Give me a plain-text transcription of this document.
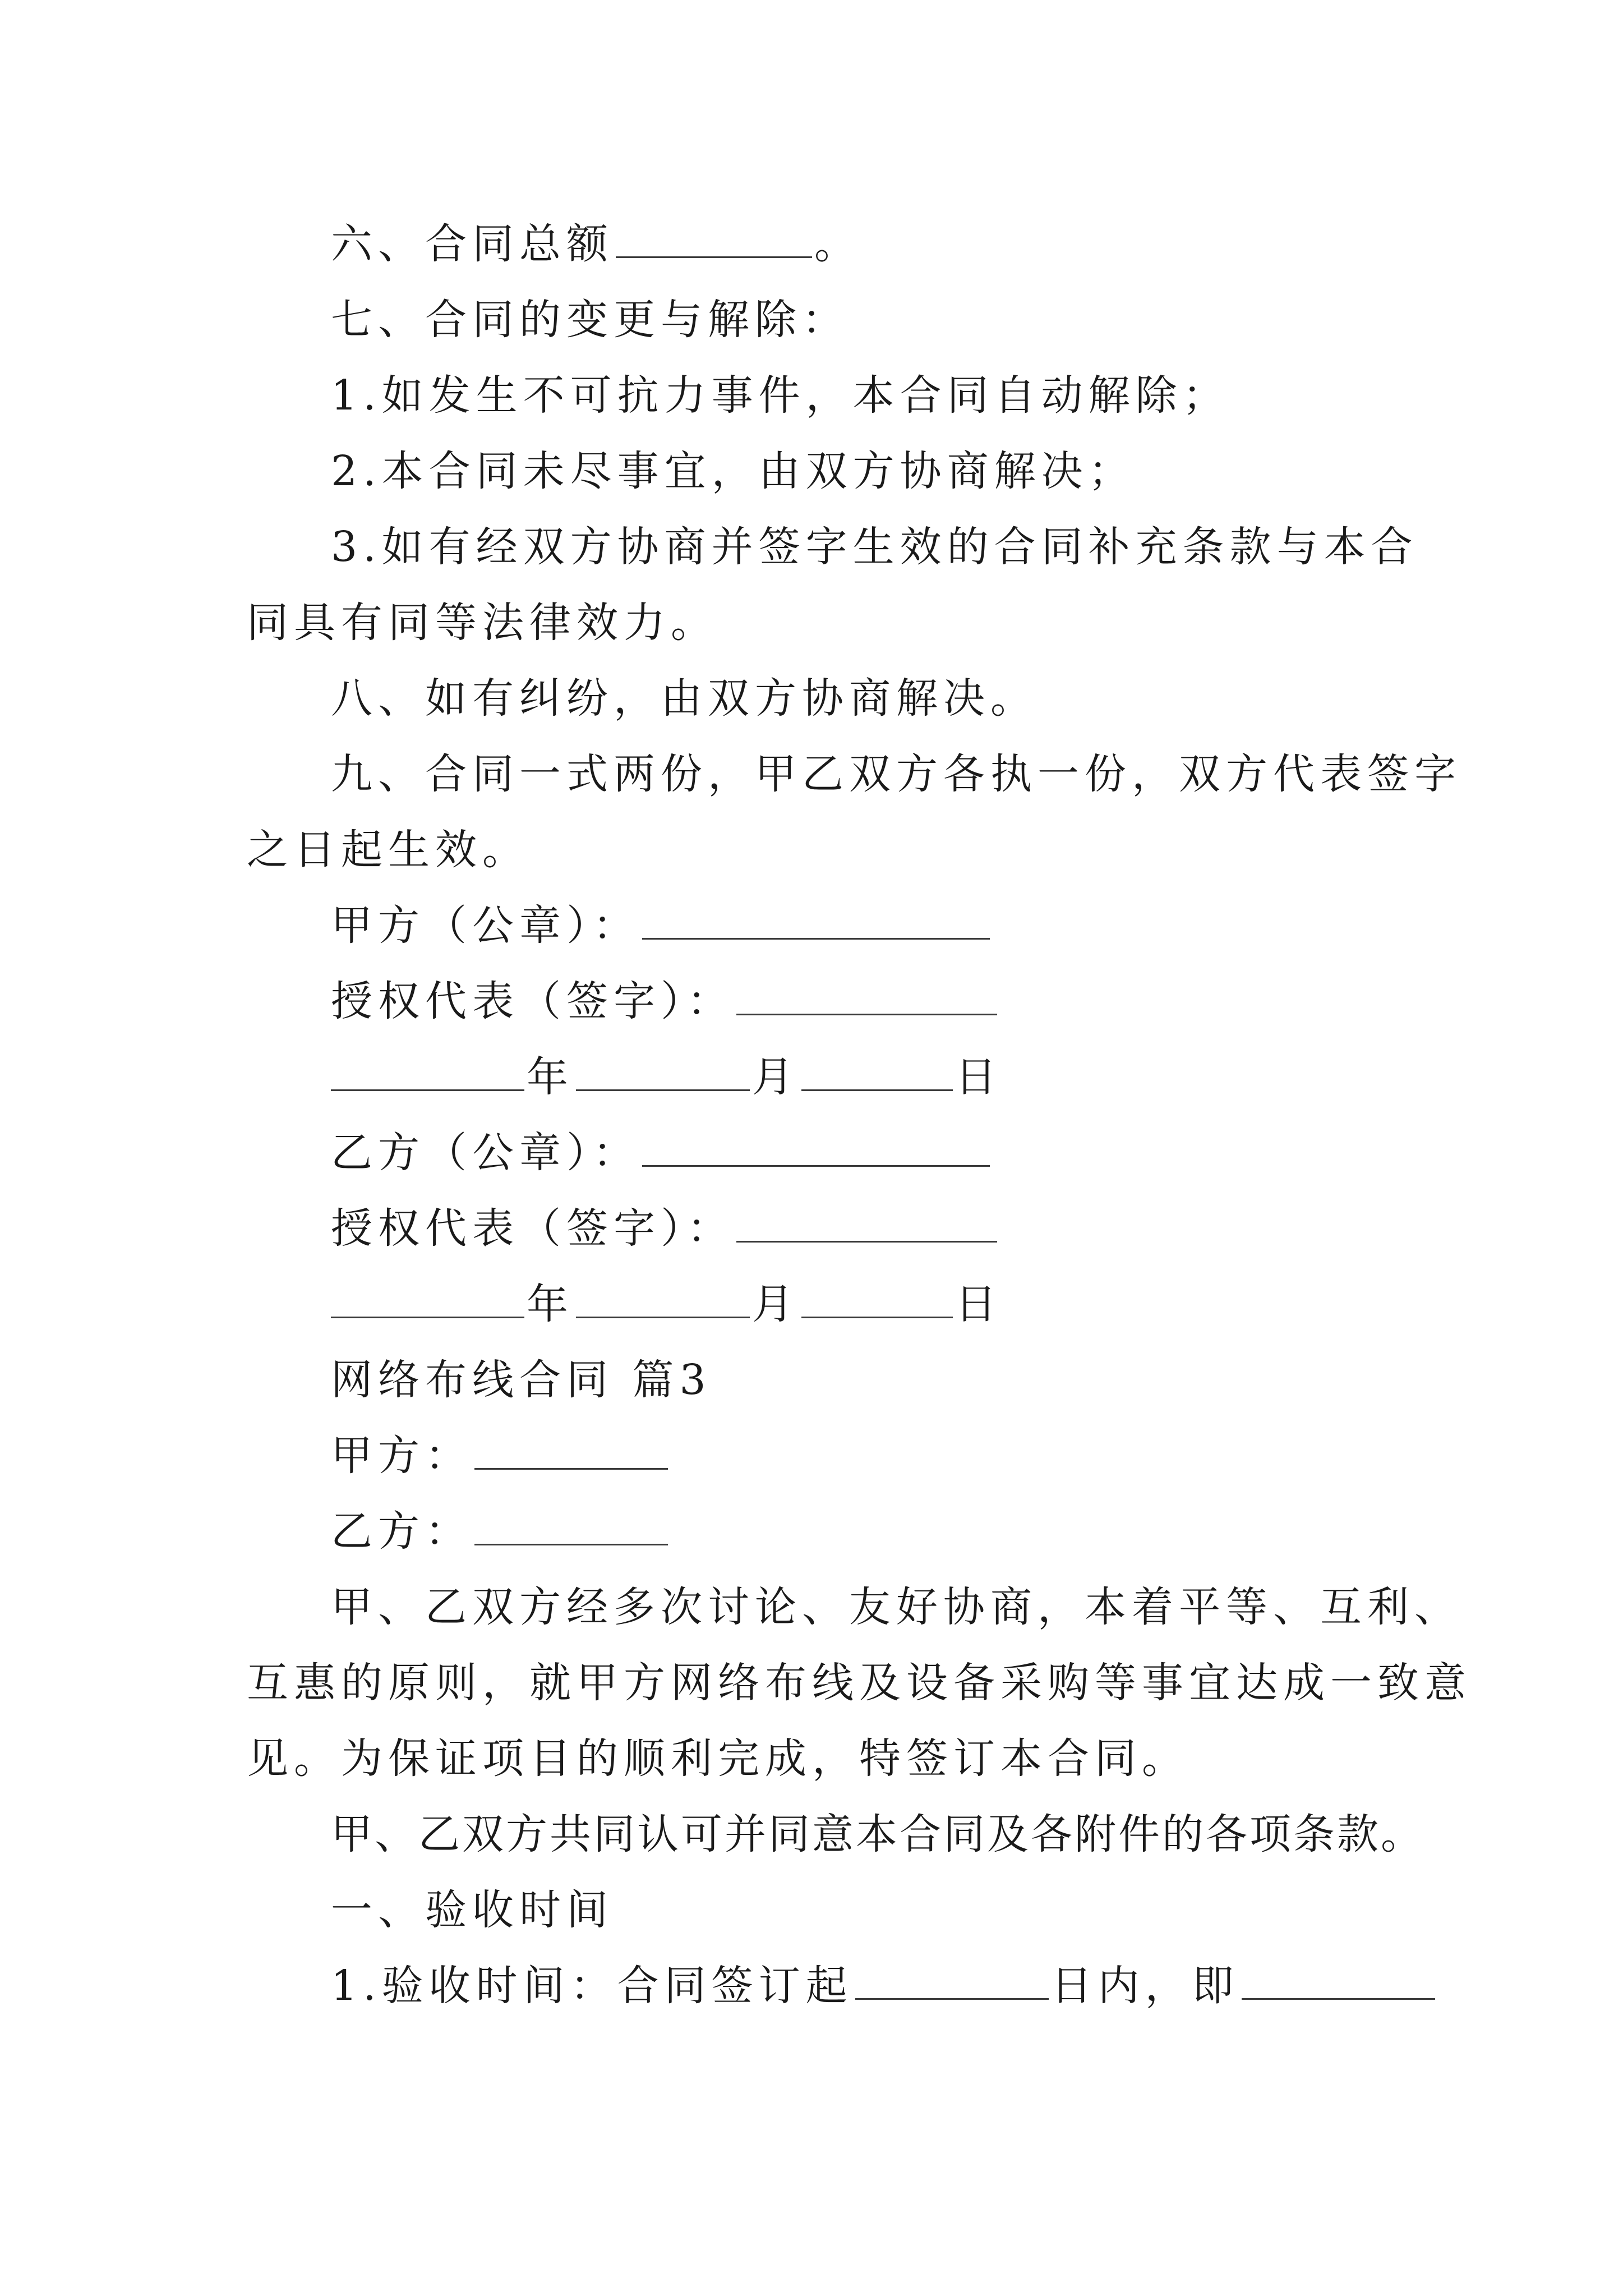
六、合同总额	。
七、合同的变更与解除：
1.如发生不可抗力事件，本合同自动解除；
2.本合同未尽事宜，由双方协商解决；
3.如有经双方协商并签字生效的合同补充条款与本合
同具有同等法律效力。
八、如有纠纷，由双方协商解决。
九、合同一式两份，甲乙双方各执一份，双方代表签字
之日起生效。
甲方（公章）：
授权代表（签字）：
年	月	日
乙方（公章）：
授权代表（签字）：
年	月	日
网络布线合同 篇3
甲方：
乙方：
甲、乙双方经多次讨论、友好协商，本着平等、互利、
互惠的原则，就甲方网络布线及设备采购等事宜达成一致意
见。为保证项目的顺利完成，特签订本合同。
甲、乙双方共同认可并同意本合同及各附件的各项条款。
一、验收时间
1.验收时间：合同签订起	日内，即
